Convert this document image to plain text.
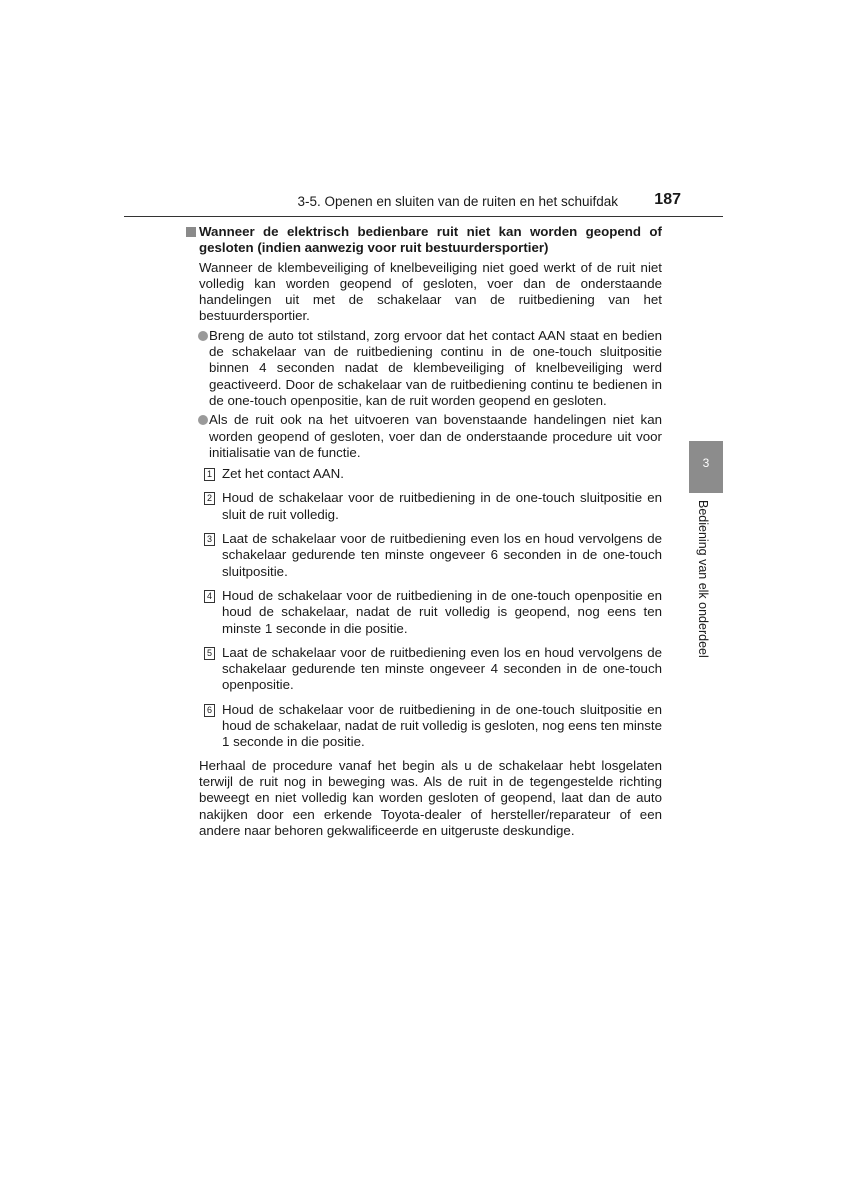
3-5. Openen en sluiten van de ruiten en het schuifdak 187
Wanneer de elektrisch bedienbare ruit niet kan worden geopend of gesloten (indien aanwezig voor ruit bestuurdersportier)
Wanneer de klembeveiliging of knelbeveiliging niet goed werkt of de ruit niet volledig kan worden geopend of gesloten, voer dan de onderstaande handelingen uit met de schakelaar van de ruitbediening van het bestuurdersportier.
Breng de auto tot stilstand, zorg ervoor dat het contact AAN staat en bedien de schakelaar van de ruitbediening continu in de one-touch sluitpositie binnen 4 seconden nadat de klembeveiliging of knelbeveiliging werd geactiveerd. Door de schakelaar van de ruitbediening continu te bedienen in de one-touch openpositie, kan de ruit worden geopend en gesloten.
Als de ruit ook na het uitvoeren van bovenstaande handelingen niet kan worden geopend of gesloten, voer dan de onderstaande procedure uit voor initialisatie van de functie.
1 Zet het contact AAN.
2 Houd de schakelaar voor de ruitbediening in de one-touch sluitpositie en sluit de ruit volledig.
3 Laat de schakelaar voor de ruitbediening even los en houd vervolgens de schakelaar gedurende ten minste ongeveer 6 seconden in de one-touch sluitpositie.
4 Houd de schakelaar voor de ruitbediening in de one-touch openpositie en houd de schakelaar, nadat de ruit volledig is geopend, nog eens ten minste 1 seconde in die positie.
5 Laat de schakelaar voor de ruitbediening even los en houd vervolgens de schakelaar gedurende ten minste ongeveer 4 seconden in de one-touch openpositie.
6 Houd de schakelaar voor de ruitbediening in de one-touch sluitpositie en houd de schakelaar, nadat de ruit volledig is gesloten, nog eens ten minste 1 seconde in die positie.
Herhaal de procedure vanaf het begin als u de schakelaar hebt losgelaten terwijl de ruit nog in beweging was. Als de ruit in de tegengestelde richting beweegt en niet volledig kan worden gesloten of geopend, laat dan de auto nakijken door een erkende Toyota-dealer of hersteller/reparateur of een andere naar behoren gekwalificeerde en uitgeruste deskundige.
3
Bediening van elk onderdeel
